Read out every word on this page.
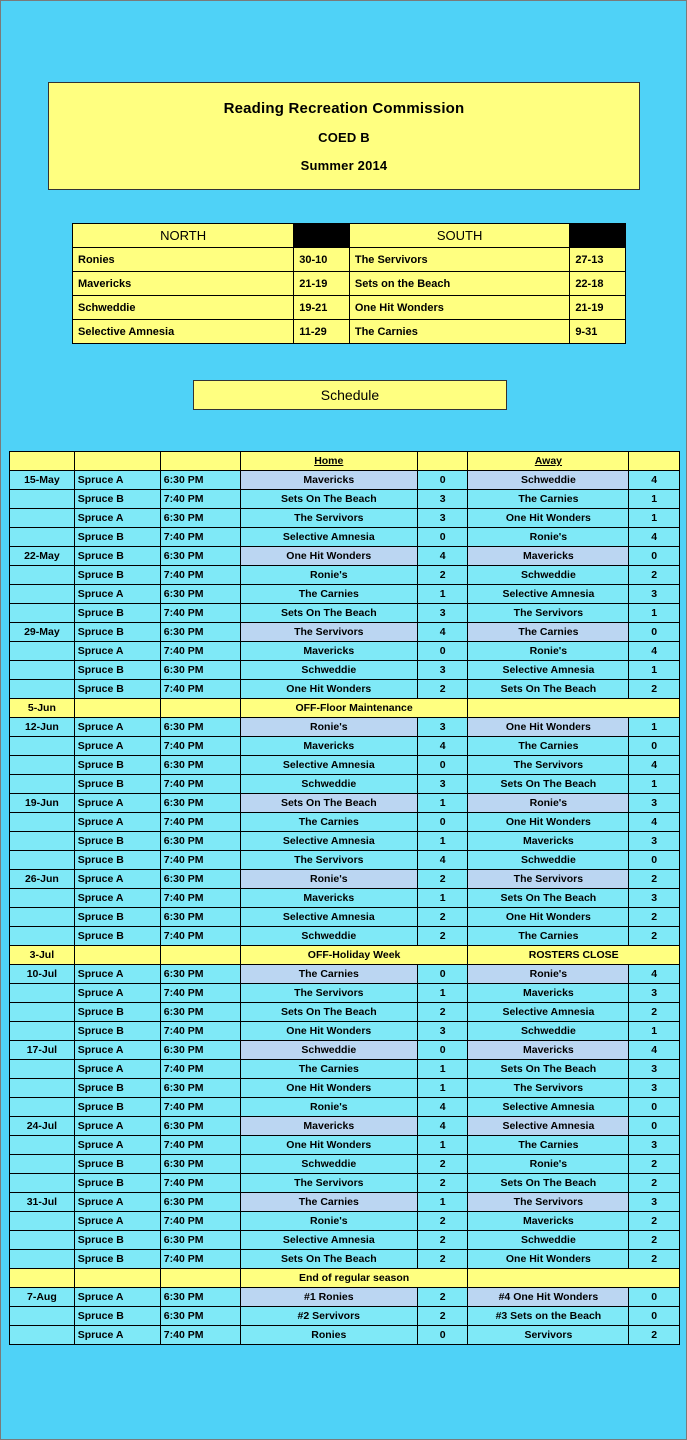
Reading Recreation Commission
COED B
Summer 2014
NORTH		SOUTH	
Ronies	30-10	The Servivors	27-13
Mavericks	21-19	Sets on the Beach	22-18
Schweddie	19-21	One Hit Wonders	21-19
Selective Amnesia	11-29	The Carnies	9-31
Schedule
			Home		Away	
15-May	Spruce A	6:30 PM	Mavericks	0	Schweddie	4
	Spruce B	7:40 PM	Sets On The Beach	3	The Carnies	1
	Spruce A	6:30 PM	The Servivors	3	One Hit Wonders	1
	Spruce B	7:40 PM	Selective Amnesia	0	Ronie's	4
22-May	Spruce B	6:30 PM	One Hit Wonders	4	Mavericks	0
	Spruce B	7:40 PM	Ronie's	2	Schweddie	2
	Spruce A	6:30 PM	The Carnies	1	Selective Amnesia	3
	Spruce B	7:40 PM	Sets On The Beach	3	The Servivors	1
29-May	Spruce B	6:30 PM	The Servivors	4	The Carnies	0
	Spruce A	7:40 PM	Mavericks	0	Ronie's	4
	Spruce B	6:30 PM	Schweddie	3	Selective Amnesia	1
	Spruce B	7:40 PM	One Hit Wonders	2	Sets On The Beach	2
5-Jun			OFF-Floor Maintenance			
12-Jun	Spruce A	6:30 PM	Ronie's	3	One Hit Wonders	1
	Spruce A	7:40 PM	Mavericks	4	The Carnies	0
	Spruce B	6:30 PM	Selective Amnesia	0	The Servivors	4
	Spruce B	7:40 PM	Schweddie	3	Sets On The Beach	1
19-Jun	Spruce A	6:30 PM	Sets On The Beach	1	Ronie's	3
	Spruce A	7:40 PM	The Carnies	0	One Hit Wonders	4
	Spruce B	6:30 PM	Selective Amnesia	1	Mavericks	3
	Spruce B	7:40 PM	The Servivors	4	Schweddie	0
26-Jun	Spruce A	6:30 PM	Ronie's	2	The Servivors	2
	Spruce A	7:40 PM	Mavericks	1	Sets On The Beach	3
	Spruce B	6:30 PM	Selective Amnesia	2	One Hit Wonders	2
	Spruce B	7:40 PM	Schweddie	2	The Carnies	2
3-Jul			OFF-Holiday Week		ROSTERS CLOSE	
10-Jul	Spruce A	6:30 PM	The Carnies	0	Ronie's	4
	Spruce A	7:40 PM	The Servivors	1	Mavericks	3
	Spruce B	6:30 PM	Sets On The Beach	2	Selective Amnesia	2
	Spruce B	7:40 PM	One Hit Wonders	3	Schweddie	1
17-Jul	Spruce A	6:30 PM	Schweddie	0	Mavericks	4
	Spruce A	7:40 PM	The Carnies	1	Sets On The Beach	3
	Spruce B	6:30 PM	One Hit Wonders	1	The Servivors	3
	Spruce B	7:40 PM	Ronie's	4	Selective Amnesia	0
24-Jul	Spruce A	6:30 PM	Mavericks	4	Selective Amnesia	0
	Spruce A	7:40 PM	One Hit Wonders	1	The Carnies	3
	Spruce B	6:30 PM	Schweddie	2	Ronie's	2
	Spruce B	7:40 PM	The Servivors	2	Sets On The Beach	2
31-Jul	Spruce A	6:30 PM	The Carnies	1	The Servivors	3
	Spruce A	7:40 PM	Ronie's	2	Mavericks	2
	Spruce B	6:30 PM	Selective Amnesia	2	Schweddie	2
	Spruce B	7:40 PM	Sets On The Beach	2	One Hit Wonders	2
			End of regular season			
7-Aug	Spruce A	6:30 PM	#1 Ronies	2	#4 One Hit Wonders	0
	Spruce B	6:30 PM	#2 Servivors	2	#3 Sets on the Beach	0
	Spruce A	7:40 PM	Ronies	0	Servivors	2
